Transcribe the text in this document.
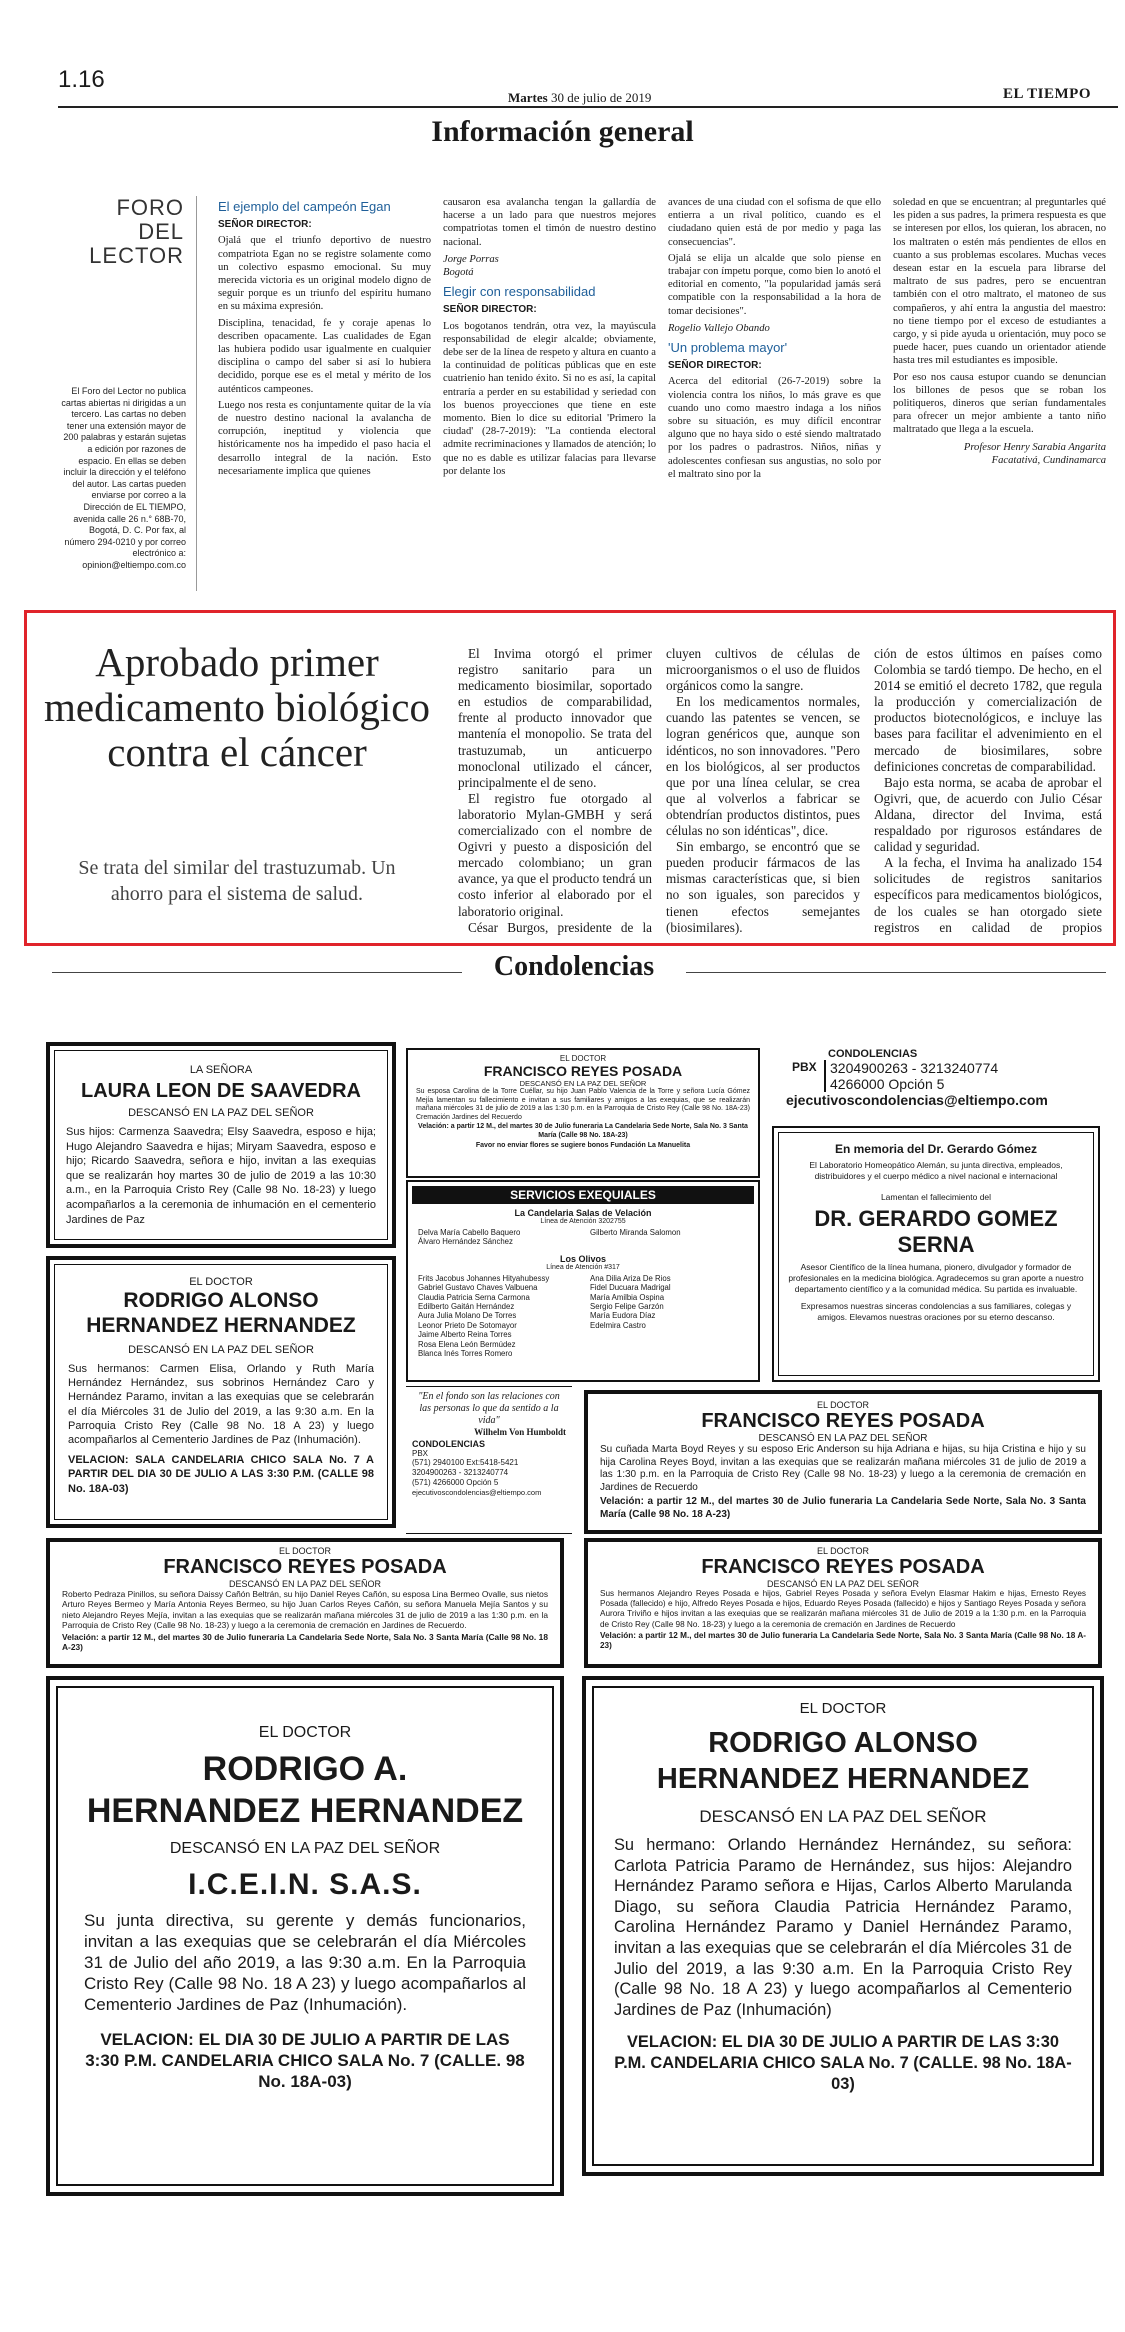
1.16
Martes 30 de julio de 2019	EL TIEMPO
Información general
FORO DEL
LECTOR
El Foro del Lector no publica cartas abiertas ni dirigidas a un tercero. Las cartas no deben tener una extensión mayor de 200 palabras y estarán sujetas a edición por razones de espacio. En ellas se deben incluir la dirección y el teléfono del autor. Las cartas pueden enviarse por correo a la Dirección de EL TIEMPO, avenida calle 26 n.° 68B-70, Bogotá, D. C. Por fax, al número 294-0210 y por correo electrónico a: opinion@eltiempo.com.co
El ejemplo del campeón Egan
SEÑOR DIRECTOR:

Ojalá que el triunfo deportivo de nuestro compatriota Egan no se registre solamente como un colectivo espasmo emocional. Su muy merecida victoria es un original modelo digno de seguir porque es un triunfo del espíritu humano en su máxima expresión.

Disciplina, tenacidad, fe y coraje apenas lo describen opacamente. Las cualidades de Egan las hubiera podido usar igualmente en cualquier disciplina o campo del saber si así lo hubiera decidido, porque ese es el metal y mérito de los auténticos campeones.

Luego nos resta es conjuntamente quitar de la vía de nuestro destino nacional la avalancha de corrupción, ineptitud y violencia que históricamente nos ha impedido el paso hacia el desarrollo integral de la nación. Esto necesariamente implica que quienes

causaron esa avalancha tengan la gallardía de hacerse a un lado para que nuestros mejores compatriotas tomen el timón de nuestro destino nacional.

Jorge Porras
Bogotá
Elegir con responsabilidad
SEÑOR DIRECTOR:

Los bogotanos tendrán, otra vez, la mayúscula responsabilidad de elegir alcalde; obviamente, debe ser de la línea de respeto y altura en cuanto a la continuidad de políticas públicas que en este cuatrienio han tenido éxito. Si no es así, la capital entraría a perder en su estabilidad y seriedad con los buenos proyecciones que tiene en este momento. Bien lo dice su editorial 'Primero la ciudad' (28-7-2019): "La contienda electoral admite recriminaciones y llamados de atención; lo que no es dable es utilizar falacias para llevarse por delante los

avances de una ciudad con el sofisma de que ello entierra a un rival político, cuando es el ciudadano quien está de por medio y paga las consecuencias".

Ojalá se elija un alcalde que solo piense en trabajar con ímpetu porque, como bien lo anotó el editorial en comento, "la popularidad jamás será compatible con la responsabilidad a la hora de tomar decisiones".

Rogelio Vallejo Obando
'Un problema mayor'
SEÑOR DIRECTOR:

Acerca del editorial (26-7-2019) sobre la violencia contra los niños, lo más grave es que cuando uno como maestro indaga a los niños sobre su situación, es muy difícil encontrar alguno que no haya sido o esté siendo maltratado por los padres o padrastros. Niños, niñas y adolescentes confiesan sus angustias, no solo por el maltrato sino por la

soledad en que se encuentran; al preguntarles qué les piden a sus padres, la primera respuesta es que se interesen por ellos, los quieran, los abracen, no los maltraten o estén más pendientes de ellos en cuanto a sus problemas escolares. Muchas veces desean estar en la escuela para librarse del maltrato de sus padres, pero se encuentran también con el otro maltrato, el matoneo de sus compañeros, y ahí entra la angustia del maestro: no tiene tiempo por el exceso de estudiantes a cargo, y si pide ayuda u orientación, muy poco se puede hacer, pues cuando un orientador atiende hasta tres mil estudiantes es imposible.

Por eso nos causa estupor cuando se denuncian los billones de pesos que se roban los politiqueros, dineros que serían fundamentales para ofrecer un mejor ambiente a tanto niño maltratado que llega a la escuela.

Profesor Henry Sarabia Angarita
Facatativá, Cundinamarca
Aprobado primer medicamento biológico contra el cáncer
Se trata del similar del trastuzumab. Un ahorro para el sistema de salud.

El Invima otorgó el primer registro sanitario para un medicamento biosimilar, soportado en estudios de comparabilidad, frente al producto innovador que mantenía el monopolio. Se trata del trastuzumab, un anticuerpo monoclonal utilizado el cáncer, principalmente el de seno.

El registro fue otorgado al laboratorio Mylan-GMBH y será comercializado con el nombre de Ogivri y puesto a disposición del mercado colombiano; un gran avance, ya que el producto tendrá un costo inferior al elaborado por el laboratorio original.

César Burgos, presidente de la

cluyen cultivos de células de microorganismos o el uso de fluidos orgánicos como la sangre.

En los medicamentos normales, cuando las patentes se vencen, se logran genéricos que, aunque son idénticos, no son innovadores. "Pero en los biológicos, al ser productos que por una línea celular, se crea que al volverlos a fabricar se obtendrían productos distintos, pues células no son idénticas", dice.

Sin embargo, se encontró que se pueden producir fármacos de las mismas características que, si bien no son iguales, son parecidos y tienen efectos semejantes (biosimilares).

ción de estos últimos en países como Colombia se tardó tiempo. De hecho, en el 2014 se emitió el decreto 1782, que regula la producción y comercialización de productos biotecnológicos, e incluye las bases para facilitar el advenimiento en el mercado de biosimilares, sobre definiciones concretas de comparabilidad.

Bajo esta norma, se acaba de aprobar el Ogivri, que, de acuerdo con Julio César Aldana, director del Invima, está respaldado por rigurosos estándares de calidad y seguridad.

A la fecha, el Invima ha analizado 154 solicitudes de registros sanitarios específicos para medicamentos biológicos, de los cuales se han otorgado siete registros en calidad de propios

Condolencias
LA SEÑORA
LAURA LEON DE SAAVEDRA
DESCANSÓ EN LA PAZ DEL SEÑOR
Sus hijos: Carmenza Saavedra; Elsy Saavedra, esposo e hija; Hugo Alejandro Saavedra e hijas; Miryam Saavedra, esposo e hijo; Ricardo Saavedra, señora e hijo, invitan a las exequias que se realizarán hoy martes 30 de julio de 2019 a las 10:30 a.m., en la Parroquia Cristo Rey (Calle 98 No. 18-23) y luego acompañarlos a la ceremonia de inhumación en el cementerio Jardines de Paz
EL DOCTOR
FRANCISCO REYES POSADA
DESCANSÓ EN LA PAZ DEL SEÑOR
Su esposa Carolina de la Torre Cuéllar, su hijo Juan Pablo Valencia de la Torre y señora Lucía Gómez Mejía lamentan su fallecimiento e invitan a sus familiares y amigos a las exequias, que se realizarán mañana miércoles 31 de julio de 2019 a las 1:30 p.m. en la Parroquia de Cristo Rey (Calle 98 No. 18A-23) Cremación Jardines del Recuerdo
Velación: a partir 12 M., del martes 30 de Julio funeraria La Candelaria Sede Norte, Sala No. 3 Santa María (Calle 98 No. 18A-23)
Favor no enviar flores se sugiere bonos Fundación La Manuelita
CONDOLENCIAS
PBX 3204900263 - 3213240774
4266000 Opción 5
ejecutivoscondolencias@eltiempo.com
SERVICIOS EXEQUIALES
La Candelaria Salas de Velación
Línea de Atención 3202755
Delva María Cabello Baquero
Álvaro Hernández Sánchez
Gilberto Miranda Salomon
Los Olivos
Línea de Atención #317
Frits Jacobus Johannes Hityahubessy
Gabriel Gustavo Chaves Valbuena
Claudia Patricia Serna Carmona
Edilberto Gaitán Hernández
Aura Julia Molano De Torres
Leonor Prieto De Sotomayor
Jaime Alberto Reina Torres
Rosa Elena León Bermúdez
Blanca Inés Torres Romero
Ana Dilia Ariza De Rios
Fidel Ducuara Madrigal
María Amilbia Ospina
Sergio Felipe Garzón
María Eudora Díaz
Edelmira Castro
En memoria del Dr. Gerardo Gómez
El Laboratorio Homeopático Alemán, su junta directiva, empleados, distribuidores y el cuerpo médico a nivel nacional e internacional
Lamentan el fallecimiento del
DR. GERARDO GOMEZ SERNA
Asesor Científico de la línea humana, pionero, divulgador y formador de profesionales en la medicina biológica. Agradecemos su gran aporte a nuestro departamento científico y a la comunidad médica. Su partida es invaluable.
Expresamos nuestras sinceras condolencias a sus familiares, colegas y amigos. Elevamos nuestras oraciones por su eterno descanso.
EL DOCTOR
RODRIGO ALONSO
HERNANDEZ HERNANDEZ
DESCANSÓ EN LA PAZ DEL SEÑOR
Sus hermanos: Carmen Elisa, Orlando y Ruth María Hernández Hernández, sus sobrinos Hernández Caro y Hernández Paramo, invitan a las exequias que se celebrarán el día Miércoles 31 de Julio del 2019, a las 9:30 a.m. En la Parroquia Cristo Rey (Calle 98 No. 18 A 23) y luego acompañarlos al Cementerio Jardines de Paz (Inhumación).
VELACION: SALA CANDELARIA CHICO SALA No. 7 A PARTIR DEL DIA 30 DE JULIO A LAS 3:30 P.M. (CALLE 98 No. 18A-03)
"En el fondo son las relaciones con las personas lo que da sentido a la vida"
Wilhelm Von Humboldt
CONDOLENCIAS
PBX
(571) 2940100 Ext:5418-5421
3204900263 - 3213240774
(571) 4266000 Opción 5
ejecutivoscondolencias@eltiempo.com
EL DOCTOR
FRANCISCO REYES POSADA
DESCANSÓ EN LA PAZ DEL SEÑOR
Su cuñada Marta Boyd Reyes y su esposo Eric Anderson su hija Adriana e hijas, su hija Cristina e hijo y su hija Carolina Reyes Boyd, invitan a las exequias que se realizarán mañana miércoles 31 de julio de 2019 a las 1:30 p.m. en la Parroquia de Cristo Rey (Calle 98 No. 18-23) y luego a la ceremonia de cremación en Jardines de Recuerdo
Velación: a partir 12 M., del martes 30 de Julio funeraria La Candelaria Sede Norte, Sala No. 3 Santa María (Calle 98 No. 18 A-23)
EL DOCTOR
FRANCISCO REYES POSADA
DESCANSÓ EN LA PAZ DEL SEÑOR
Roberto Pedraza Pinillos, su señora Daissy Cañón Beltrán, su hijo Daniel Reyes Cañón, su esposa Lina Bermeo Ovalle, sus nietos Arturo Reyes Bermeo y María Antonia Reyes Bermeo, su hijo Juan Carlos Reyes Cañón, su señora Manuela Mejía Santos y su nieto Alejandro Reyes Mejía, invitan a las exequias que se realizarán mañana miércoles 31 de julio de 2019 a las 1:30 p.m. en la Parroquia de Cristo Rey (Calle 98 No. 18-23) y luego a la ceremonia de cremación en Jardines de Recuerdo.
Velación: a partir 12 M., del martes 30 de Julio funeraria La Candelaria Sede Norte, Sala No. 3 Santa María (Calle 98 No. 18 A-23)
EL DOCTOR
FRANCISCO REYES POSADA
DESCANSÓ EN LA PAZ DEL SEÑOR
Sus hermanos Alejandro Reyes Posada e hijos, Gabriel Reyes Posada y señora Evelyn Elasmar Hakim e hijas, Ernesto Reyes Posada (fallecido) e hijo, Alfredo Reyes Posada e hijos, Eduardo Reyes Posada (fallecido) e hijos y Santiago Reyes Posada y señora Aurora Triviño e hijos invitan a las exequias que se realizarán mañana miércoles 31 de Julio de 2019 a la 1:30 p.m. en la Parroquia de Cristo Rey (Calle 98 No. 18-23) y luego a la ceremonia de cremación en Jardines de Recuerdo
Velación: a partir 12 M., del martes 30 de Julio funeraria La Candelaria Sede Norte, Sala No. 3 Santa María (Calle 98 No. 18 A-23)
EL DOCTOR
RODRIGO A.
HERNANDEZ HERNANDEZ
DESCANSÓ EN LA PAZ DEL SEÑOR
I.C.E.I.N. S.A.S.
Su junta directiva, su gerente y demás funcionarios, invitan a las exequias que se celebrarán el día Miércoles 31 de Julio del año 2019, a las 9:30 a.m. En la Parroquia Cristo Rey (Calle 98 No. 18 A 23) y luego acompañarlos al Cementerio Jardines de Paz (Inhumación).
VELACION: EL DIA 30 DE JULIO A PARTIR DE LAS 3:30 P.M. CANDELARIA CHICO SALA No. 7 (CALLE. 98 No. 18A-03)
EL DOCTOR
RODRIGO ALONSO
HERNANDEZ HERNANDEZ
DESCANSÓ EN LA PAZ DEL SEÑOR
Su hermano: Orlando Hernández Hernández, su señora: Carlota Patricia Paramo de Hernández, sus hijos: Alejandro Hernández Paramo señora e Hijas, Carlos Alberto Marulanda Diago, su señora Claudia Patricia Hernández Paramo, Carolina Hernández Paramo y Daniel Hernández Paramo, invitan a las exequias que se celebrarán el día Miércoles 31 de Julio del 2019, a las 9:30 a.m. En la Parroquia Cristo Rey (Calle 98 No. 18 A 23) y luego acompañarlos al Cementerio Jardines de Paz (Inhumación)
VELACION: EL DIA 30 DE JULIO A PARTIR DE LAS 3:30 P.M. CANDELARIA CHICO SALA No. 7 (CALLE. 98 No. 18A-03)
